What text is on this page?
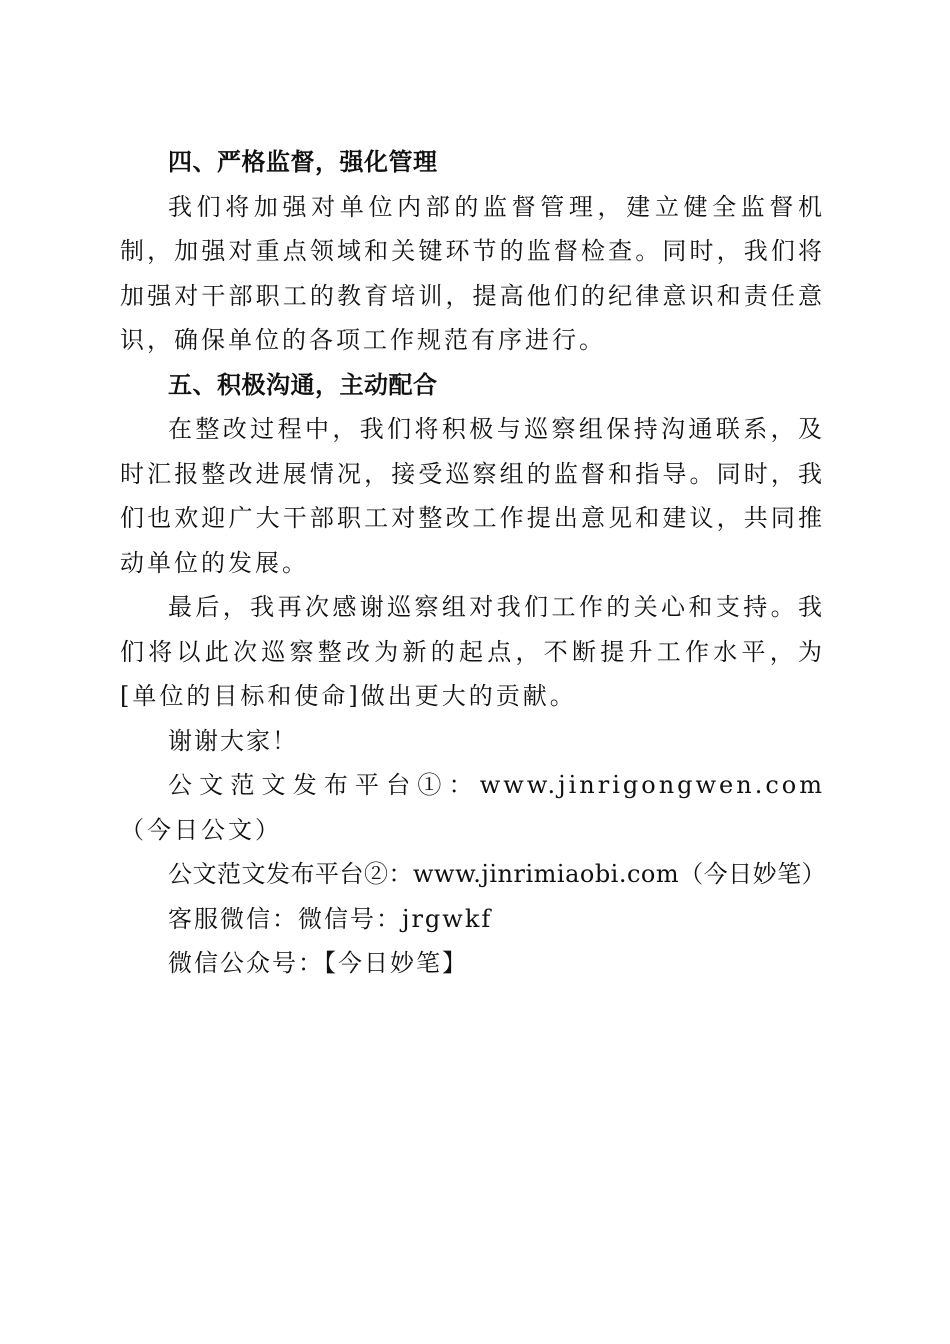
四、严格监督，强化管理

我们将加强对单位内部的监督管理，建立健全监督机制，加强对重点领域和关键环节的监督检查。同时，我们将加强对干部职工的教育培训，提高他们的纪律意识和责任意识，确保单位的各项工作规范有序进行。

五、积极沟通，主动配合

在整改过程中，我们将积极与巡察组保持沟通联系，及时汇报整改进展情况，接受巡察组的监督和指导。同时，我们也欢迎广大干部职工对整改工作提出意见和建议，共同推动单位的发展。

最后，我再次感谢巡察组对我们工作的关心和支持。我们将以此次巡察整改为新的起点，不断提升工作水平，为[单位的目标和使命]做出更大的贡献。

谢谢大家！

公文范文发布平台①：www.jinrigongwen.com（今日公文）

公文范文发布平台②：www.jinrimiaobi.com（今日妙笔）

客服微信：微信号：jrgwkf

微信公众号：【今日妙笔】
